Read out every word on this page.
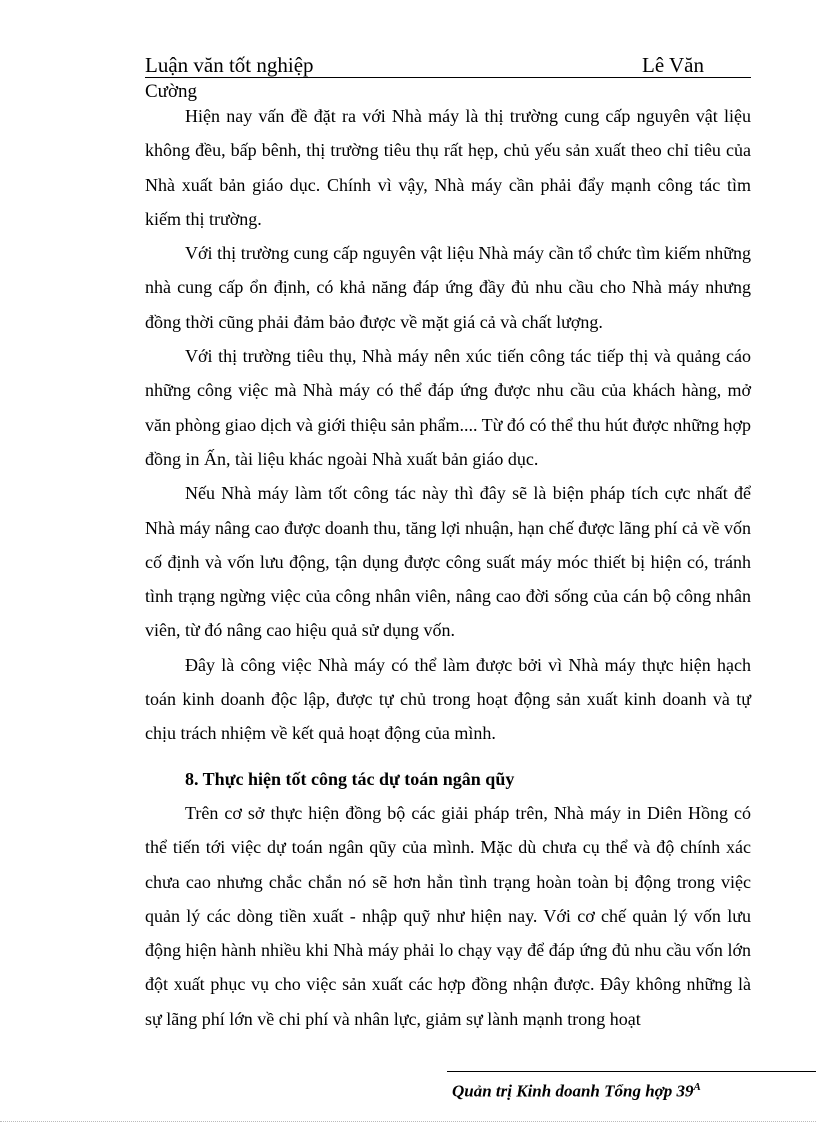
Luận văn tốt nghiệp	Lê Văn
Cường

Hiện nay vấn đề đặt ra với Nhà máy là thị trường cung cấp nguyên vật liệu không đều, bấp bênh, thị trường tiêu thụ rất hẹp, chủ yếu sản xuất theo chỉ tiêu của Nhà xuất bản giáo dục. Chính vì vậy, Nhà máy cần phải đẩy mạnh công tác tìm kiếm thị trường.

Với thị trường cung cấp nguyên vật liệu Nhà máy cần tổ chức tìm kiếm những nhà cung cấp ổn định, có khả năng đáp ứng đầy đủ nhu cầu cho Nhà máy nhưng đồng thời cũng phải đảm bảo được về mặt giá cả và chất lượng.

Với thị trường tiêu thụ, Nhà máy nên xúc tiến công tác tiếp thị và quảng cáo những công việc mà Nhà máy có thể đáp ứng được nhu cầu của khách hàng, mở văn phòng giao dịch và giới thiệu sản phẩm.... Từ đó có thể thu hút được những hợp đồng in Ấn, tài liệu khác ngoài Nhà xuất bản giáo dục.

Nếu Nhà máy làm tốt công tác này thì đây sẽ là biện pháp tích cực nhất để Nhà máy nâng cao được doanh thu, tăng lợi nhuận, hạn chế được lãng phí cả về vốn cố định và vốn lưu động, tận dụng được công suất máy móc thiết bị hiện có, tránh tình trạng ngừng việc của công nhân viên, nâng cao đời sống của cán bộ công nhân viên, từ đó nâng cao hiệu quả sử dụng vốn.

Đây là công việc Nhà máy có thể làm được bởi vì Nhà máy thực hiện hạch toán kinh doanh độc lập, được tự chủ trong hoạt động sản xuất kinh doanh và tự chịu trách nhiệm về kết quả hoạt động của mình.

8. Thực hiện tốt công tác dự toán ngân qũy

Trên cơ sở thực hiện đồng bộ các giải pháp trên, Nhà máy in Diên Hồng có thể tiến tới việc dự toán ngân qũy của mình. Mặc dù chưa cụ thể và độ chính xác chưa cao nhưng chắc chắn nó sẽ hơn hẳn tình trạng hoàn toàn bị động trong việc quản lý các dòng tiền xuất - nhập quỹ như hiện nay. Với cơ chế quản lý vốn lưu động hiện hành nhiều khi Nhà máy phải lo chạy vạy để đáp ứng đủ nhu cầu vốn lớn đột xuất phục vụ cho việc sản xuất các hợp đồng nhận được. Đây không những là sự lãng phí lớn về chi phí và nhân lực, giảm sự lành mạnh trong hoạt

Quản trị Kinh doanh Tổng hợp $39^A$
